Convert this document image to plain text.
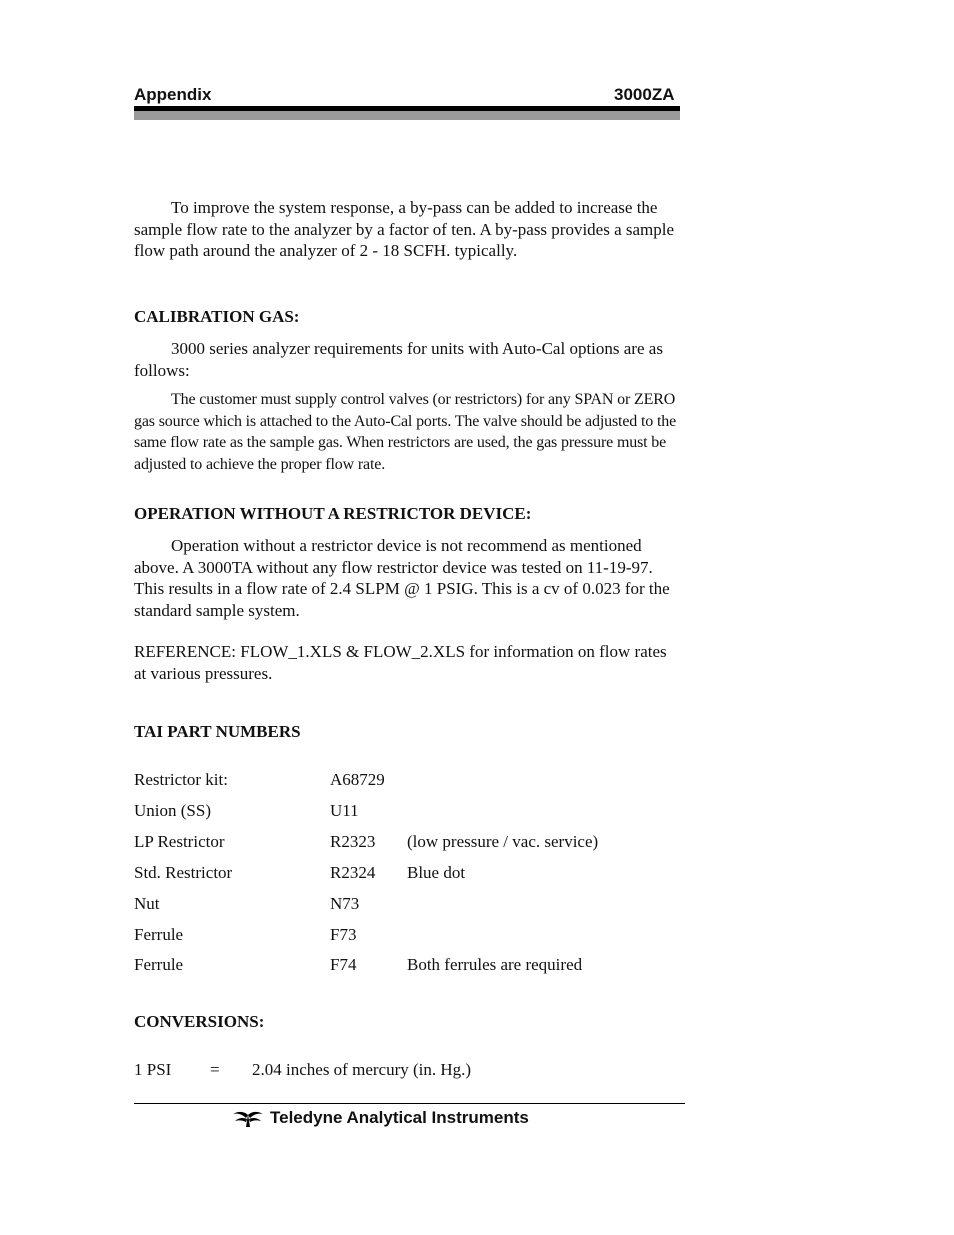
Appendix	3000ZA
To improve the system response, a by-pass can be added to increase the sample flow rate to the analyzer by a factor of ten. A by-pass provides a sample flow path around the analyzer of 2 - 18 SCFH. typically.
CALIBRATION GAS:
3000 series analyzer requirements for units with Auto-Cal options are as follows:
The customer must supply control valves (or restrictors) for any SPAN or ZERO gas source which is attached to the Auto-Cal ports. The valve should be adjusted to the same flow rate as the sample gas. When restrictors are used, the gas pressure must be adjusted to achieve the proper flow rate.
OPERATION WITHOUT A RESTRICTOR DEVICE:
Operation without a restrictor device is not recommend as mentioned above. A 3000TA without any flow restrictor device was tested on 11-19-97. This results in a flow rate of 2.4 SLPM @ 1 PSIG. This is a cv of 0.023 for the standard sample system.
REFERENCE: FLOW_1.XLS & FLOW_2.XLS for information on flow rates at various pressures.
TAI PART NUMBERS
Restrictor kit:	A68729
Union (SS)	U11
LP Restrictor	R2323 (low pressure / vac. service)
Std. Restrictor	R2324 Blue dot
Nut	N73
Ferrule	F73
Ferrule	F74	Both ferrules are required
CONVERSIONS:
1 PSI = 2.04 inches of mercury (in. Hg.)
Teledyne Analytical Instruments
